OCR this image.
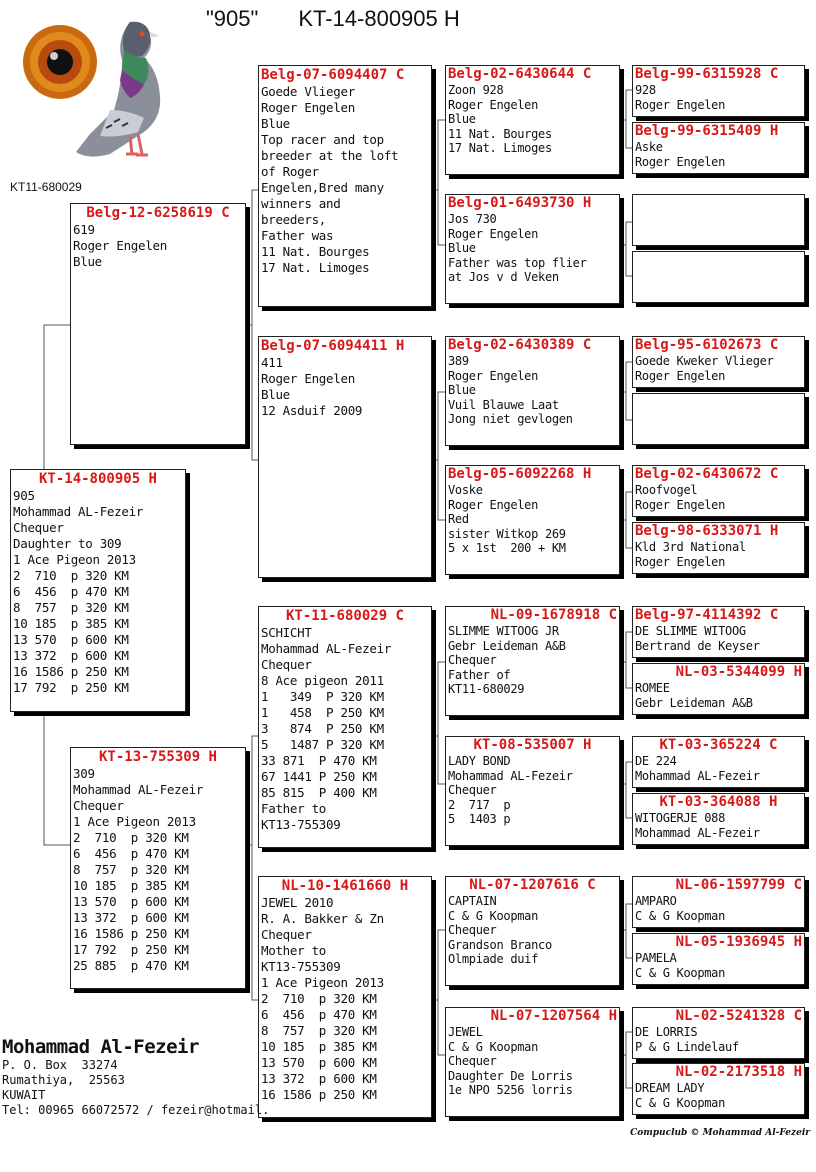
"905" KT-14-800905 H
KT11-680029
KT-14-800905 H
905
Mohammad AL-Fezeir
Chequer
Daughter to 309
1 Ace Pigeon 2013
2  710  p 320 KM
6  456  p 470 KM
8  757  p 320 KM
10 185  p 385 KM
13 570  p 600 KM
13 372  p 600 KM
16 1586 p 250 KM
17 792  p 250 KM
Belg-12-6258619 C
619
Roger Engelen
Blue
KT-13-755309 H
309
Mohammad AL-Fezeir
Chequer
1 Ace Pigeon 2013
2  710  p 320 KM
6  456  p 470 KM
8  757  p 320 KM
10 185  p 385 KM
13 570  p 600 KM
13 372  p 600 KM
16 1586 p 250 KM
17 792  p 250 KM
25 885  p 470 KM
Belg-07-6094407 C
Goede Vlieger
Roger Engelen
Blue
Top racer and top
breeder at the loft
of Roger
Engelen,Bred many
winners and
breeders,
Father was
11 Nat. Bourges
17 Nat. Limoges
Belg-07-6094411 H
411
Roger Engelen
Blue
12 Asduif 2009
KT-11-680029 C
SCHICHT
Mohammad AL-Fezeir
Chequer
8 Ace pigeon 2011
1   349  P 320 KM
1   458  P 250 KM
3   874  P 250 KM
5   1487 P 320 KM
33 871  P 470 KM
67 1441 P 250 KM
85 815  P 400 KM
Father to
KT13-755309
NL-10-1461660 H
JEWEL 2010
R. A. Bakker & Zn
Chequer
Mother to
KT13-755309
1 Ace Pigeon 2013
2  710  p 320 KM
6  456  p 470 KM
8  757  p 320 KM
10 185  p 385 KM
13 570  p 600 KM
13 372  p 600 KM
16 1586 p 250 KM
Belg-02-6430644 C
Zoon 928
Roger Engelen
Blue
11 Nat. Bourges
17 Nat. Limoges
Belg-01-6493730 H
Jos 730
Roger Engelen
Blue
Father was top flier
at Jos v d Veken
Belg-02-6430389 C
389
Roger Engelen
Blue
Vuil Blauwe Laat
Jong niet gevlogen
Belg-05-6092268 H
Voske
Roger Engelen
Red
sister Witkop 269
5 x 1st  200 + KM
NL-09-1678918 C
SLIMME WITOOG JR
Gebr Leideman A&B
Chequer
Father of
KT11-680029
KT-08-535007 H
LADY BOND
Mohammad AL-Fezeir
Chequer
2  717  p
5  1403 p
NL-07-1207616 C
CAPTAIN
C & G Koopman
Chequer
Grandson Branco
Olmpiade duif
NL-07-1207564 H
JEWEL
C & G Koopman
Chequer
Daughter De Lorris
1e NPO 5256 lorris
Belg-99-6315928 C
928
Roger Engelen
Belg-99-6315409 H
Aske
Roger Engelen
Belg-95-6102673 C
Goede Kweker Vlieger
Roger Engelen
Belg-02-6430672 C
Roofvogel
Roger Engelen
Belg-98-6333071 H
Kld 3rd National
Roger Engelen
Belg-97-4114392 C
DE SLIMME WITOOG
Bertrand de Keyser
NL-03-5344099 H
ROMEE
Gebr Leideman A&B
KT-03-365224 C
DE 224
Mohammad AL-Fezeir
KT-03-364088 H
WITOGERJE 088
Mohammad AL-Fezeir
NL-06-1597799 C
AMPARO
C & G Koopman
NL-05-1936945 H
PAMELA
C & G Koopman
NL-02-5241328 C
DE LORRIS
P & G Lindelauf
NL-02-2173518 H
DREAM LADY
C & G Koopman
Mohammad Al-Fezeir
P. O. Box  33274
Rumathiya,  25563
KUWAIT
Tel: 00965 66072572 / fezeir@hotmail.
Compuclub © Mohammad Al-Fezeir
